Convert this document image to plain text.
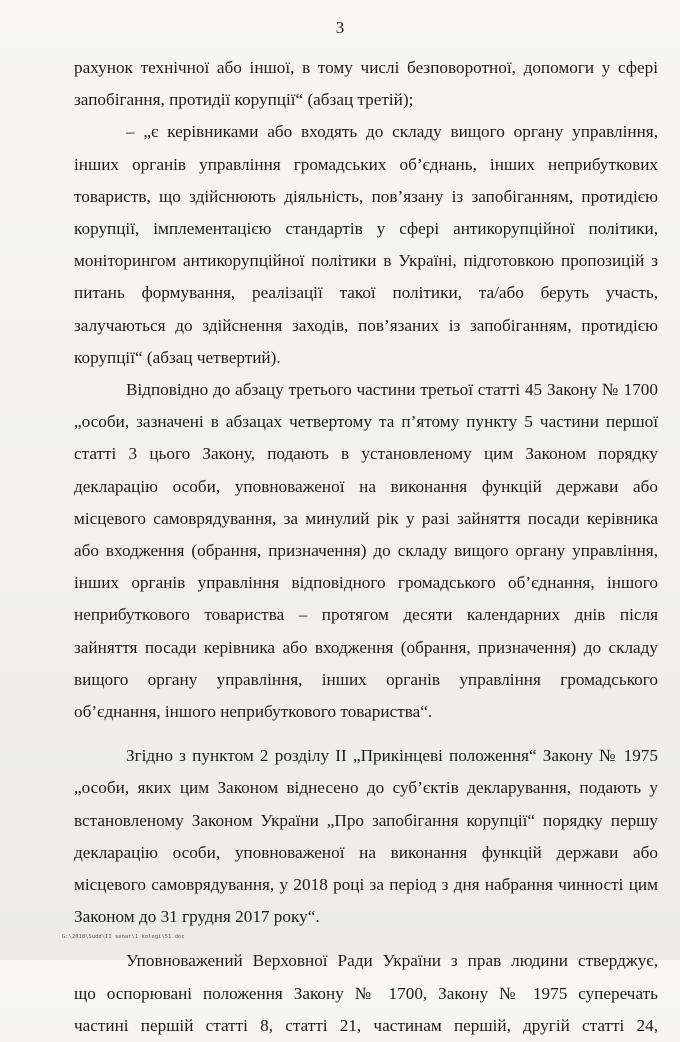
3

рахунок технічної або іншої, в тому числі безповоротної, допомоги у сфері

запобігання, протидії корупції“ (абзац третій);

– „є керівниками або входять до складу вищого органу управління,

інших органів управління громадських об’єднань, інших неприбуткових

товариств, що здійснюють діяльність, пов’язану із запобіганням, протидією

корупції, імплементацією стандартів у сфері антикорупційної політики,

моніторингом антикорупційної політики в Україні, підготовкою пропозицій з

питань формування, реалізації такої політики, та/або беруть участь,

залучаються до здійснення заходів, пов’язаних із запобіганням, протидією

корупції“ (абзац четвертий).

Відповідно до абзацу третього частини третьої статті 45 Закону № 1700

„особи, зазначені в абзацах четвертому та п’ятому пункту 5 частини першої

статті 3 цього Закону, подають в установленому цим Законом порядку

декларацію особи, уповноваженої на виконання функцій держави або

місцевого самоврядування, за минулий рік у разі зайняття посади керівника

або входження (обрання, призначення) до складу вищого органу управління,

інших органів управління відповідного громадського об’єднання, іншого

неприбуткового товариства – протягом десяти календарних днів після

зайняття посади керівника або входження (обрання, призначення) до складу

вищого органу управління, інших органів управління громадського

об’єднання, іншого неприбуткового товариства“.

Згідно з пунктом 2 розділу II „Прикінцеві положення“ Закону № 1975

„особи, яких цим Законом віднесено до суб’єктів декларування, подають у

встановленому Законом України „Про запобігання корупції“ порядку першу

декларацію особи, уповноваженої на виконання функцій держави або

місцевого самоврядування, у 2018 році за період з дня набрання чинності цим

Законом до 31 грудня 2017 року“.

Уповноважений Верховної Ради України з прав людини стверджує,

що оспорювані положення Закону № 1700, Закону № 1975 суперечать

частині першій статті 8, статті 21, частинам першій, другій статті 24,

G:\2018\Sudd\II senat\1 kolegi\51.doc
